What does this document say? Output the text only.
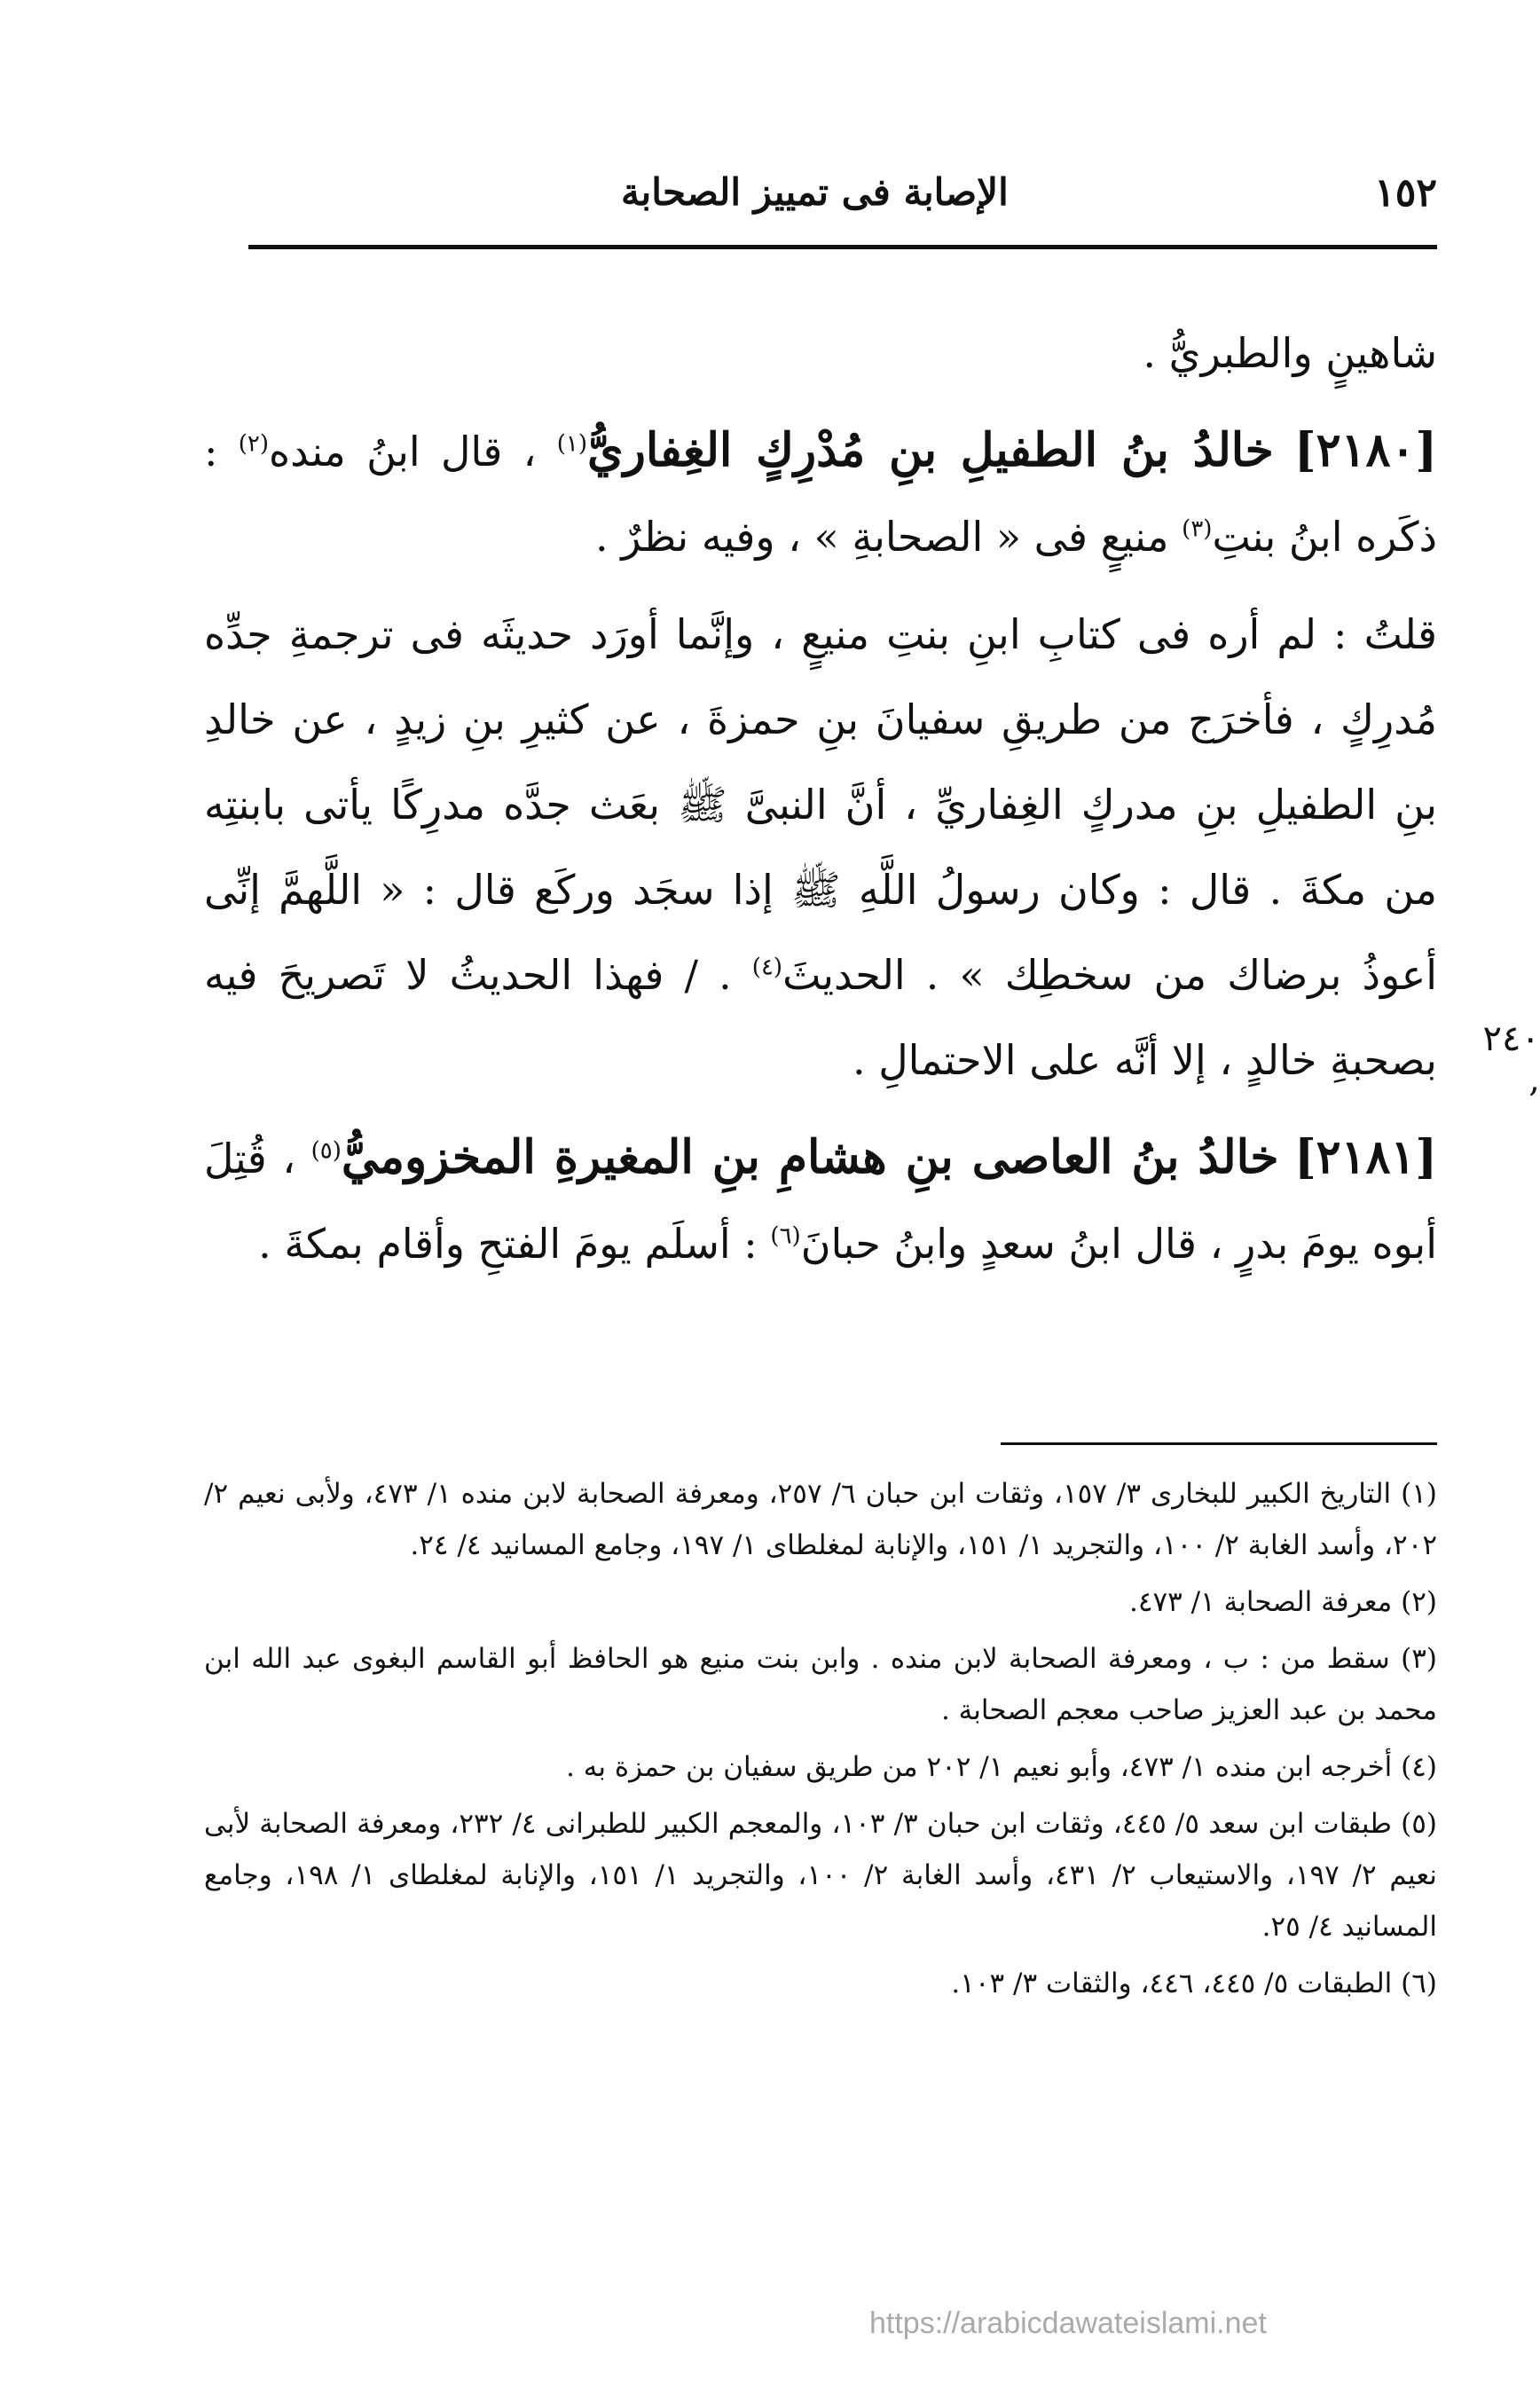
١٥٢
الإصابة فى تمييز الصحابة

شاهينٍ والطبريُّ .

[٢١٨٠] خالدُ بنُ الطفيلِ بنِ مُدْرِكٍ الغِفاريُّ$^{(١)}$ ، قال ابنُ منده$^{(٢)}$ : ذكَره ابنُ بنتِ$^{(٣)}$ منيعٍ فى « الصحابةِ » ، وفيه نظرٌ .

قلتُ : لم أره فى كتابِ ابنِ بنتِ منيعٍ ، وإنَّما أورَد حديثَه فى ترجمةِ جدِّه مُدرِكٍ ، فأخرَج من طريقِ سفيانَ بنِ حمزةَ ، عن كثيرِ بنِ زيدٍ ، عن خالدِ بنِ الطفيلِ بنِ مدركٍ الغِفاريِّ ، أنَّ النبىَّ ﷺ بعَث جدَّه مدرِكًا يأتى بابنتِه من مكةَ . قال : وكان رسولُ اللَّهِ ﷺ إذا سجَد وركَع قال : « اللَّهمَّ إنِّى أعوذُ برضاك من سخطِك » . الحديثَ$^{(٤)}$ . / فهذا الحديثُ لا تَصريحَ فيه بصحبةِ خالدٍ ، إلا أنَّه على الاحتمالِ .

[٢١٨١] خالدُ بنُ العاصى بنِ هشامِ بنِ المغيرةِ المخزوميُّ$^{(٥)}$ ، قُتِلَ أبوه يومَ بدرٍ ، قال ابنُ سعدٍ وابنُ حبانَ$^{(٦)}$ : أسلَم يومَ الفتحِ وأقام بمكةَ .

٢٤٠ ,

(١) التاريخ الكبير للبخارى ٣/ ١٥٧، وثقات ابن حبان ٦/ ٢٥٧، ومعرفة الصحابة لابن منده ١/ ٤٧٣، ولأبى نعيم ٢/ ٢٠٢، وأسد الغابة ٢/ ١٠٠، والتجريد ١/ ١٥١، والإنابة لمغلطاى ١/ ١٩٧، وجامع المسانيد ٤/ ٢٤.

(٢) معرفة الصحابة ١/ ٤٧٣.

(٣) سقط من : ب ، ومعرفة الصحابة لابن منده . وابن بنت منيع هو الحافظ أبو القاسم البغوى عبد الله ابن محمد بن عبد العزيز صاحب معجم الصحابة .

(٤) أخرجه ابن منده ١/ ٤٧٣، وأبو نعيم ١/ ٢٠٢ من طريق سفيان بن حمزة به .

(٥) طبقات ابن سعد ٥/ ٤٤٥، وثقات ابن حبان ٣/ ١٠٣، والمعجم الكبير للطبرانى ٤/ ٢٣٢، ومعرفة الصحابة لأبى نعيم ٢/ ١٩٧، والاستيعاب ٢/ ٤٣١، وأسد الغابة ٢/ ١٠٠، والتجريد ١/ ١٥١، والإنابة لمغلطاى ١/ ١٩٨، وجامع المسانيد ٤/ ٢٥.

(٦) الطبقات ٥/ ٤٤٥، ٤٤٦، والثقات ٣/ ١٠٣.

https://arabicdawateislami.net
